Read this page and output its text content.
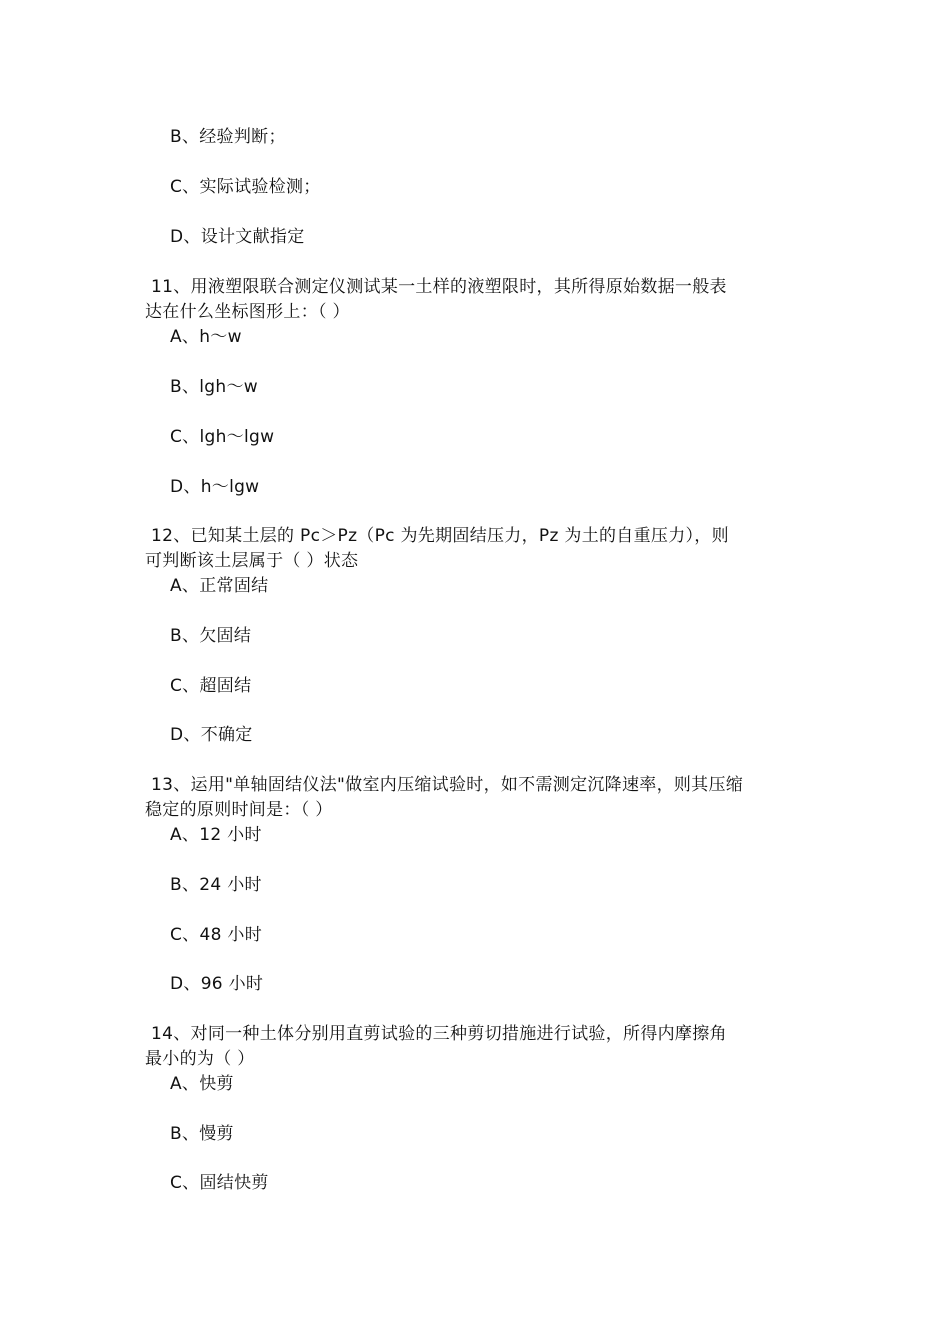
B、经验判断；
C、实际试验检测；
D、设计文献指定
11、用液塑限联合测定仪测试某一土样的液塑限时，其所得原始数据一般表
达在什么坐标图形上：（ ）
A、h～w
B、lgh～w
C、lgh～lgw
D、h～lgw
12、已知某土层的 Pc＞Pz（Pc 为先期固结压力，Pz 为土的自重压力），则
可判断该土层属于（ ）状态
A、正常固结
B、欠固结
C、超固结
D、不确定
13、运用"单轴固结仪法"做室内压缩试验时，如不需测定沉降速率，则其压缩
稳定的原则时间是：（ ）
A、12 小时
B、24 小时
C、48 小时
D、96 小时
14、对同一种土体分别用直剪试验的三种剪切措施进行试验，所得内摩擦角
最小的为（ ）
A、快剪
B、慢剪
C、固结快剪
